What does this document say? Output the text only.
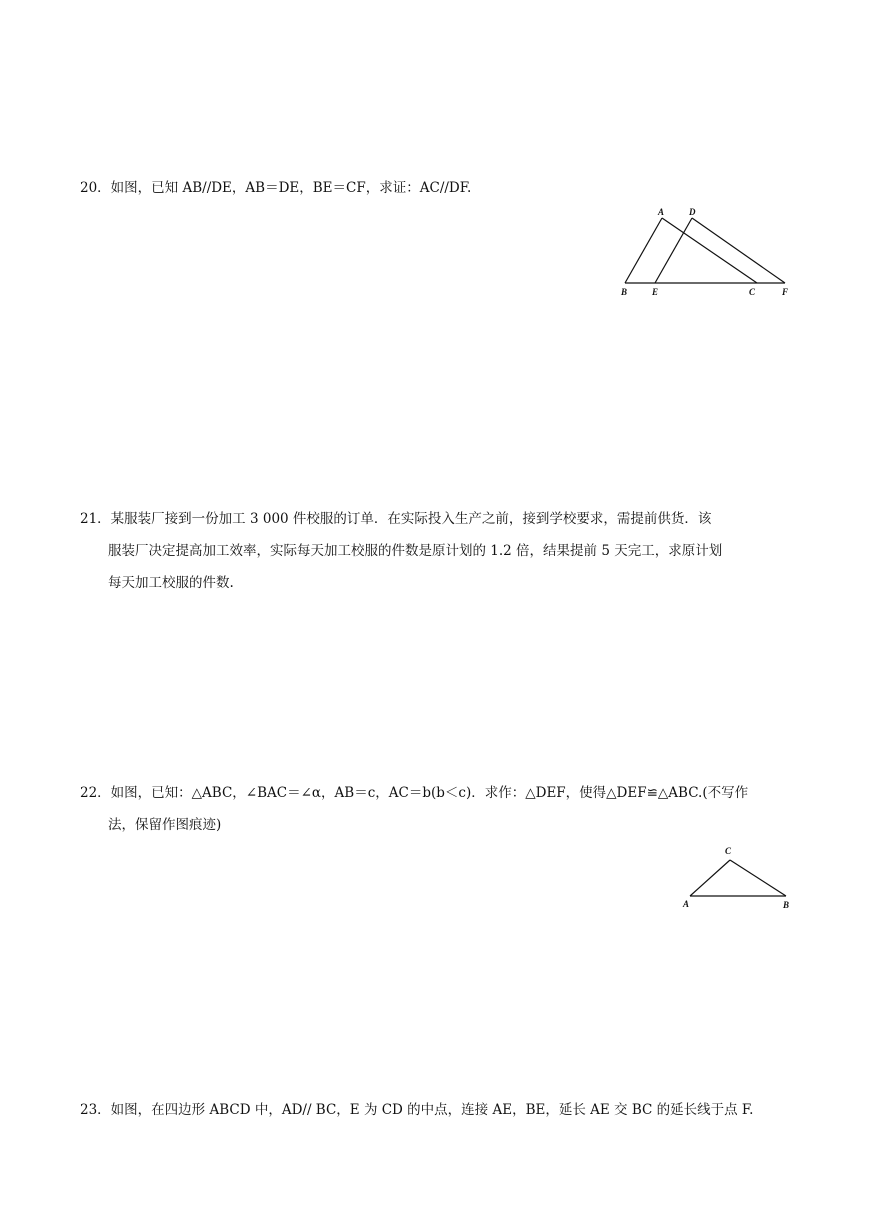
20．如图，已知 AB//DE，AB＝DE，BE＝CF，求证：AC//DF.
A	D
B	E	C	F
21．某服装厂接到一份加工 3 000 件校服的订单．在实际投入生产之前，接到学校要求，需提前供货．该
服装厂决定提高加工效率，实际每天加工校服的件数是原计划的 1.2 倍，结果提前 5 天完工，求原计划
每天加工校服的件数.
22．如图，已知：△ABC，∠BAC＝∠α，AB＝c，AC＝b(b＜c)．求作：△DEF，使得△DEF≌△ABC.(不写作
法，保留作图痕迹)
C
A	B
23．如图，在四边形 ABCD 中，AD// BC，E 为 CD 的中点，连接 AE，BE，延长 AE 交 BC 的延长线于点 F.
